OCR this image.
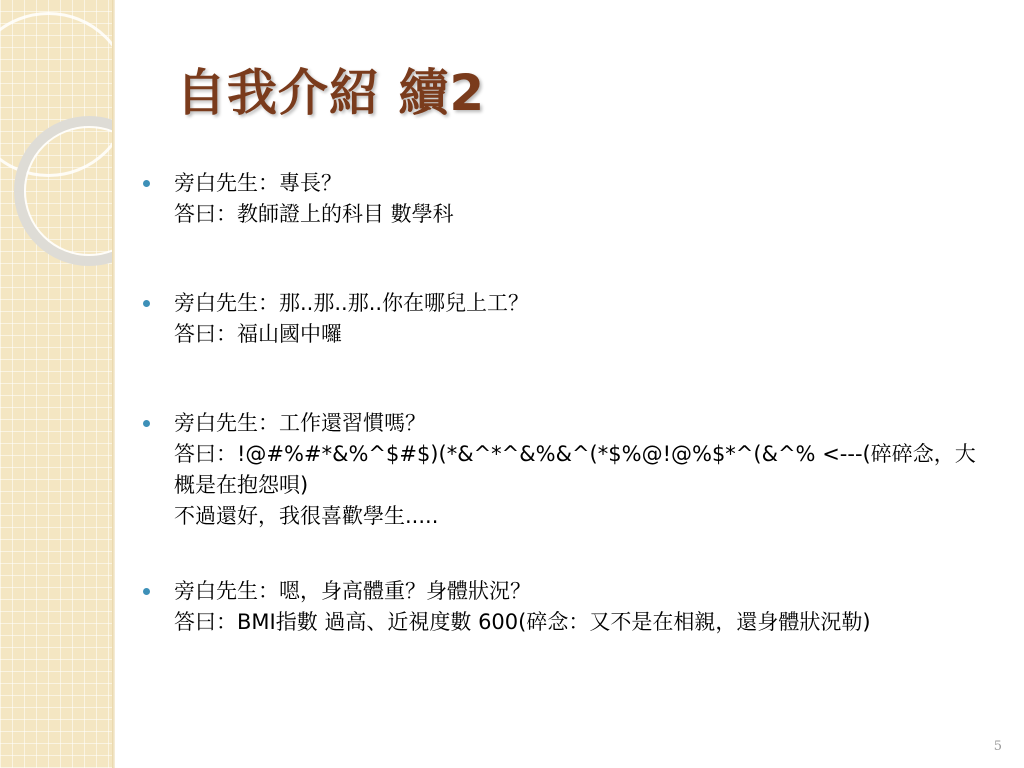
自我介紹 續2
旁白先生：專長？
答曰：教師證上的科目 數學科
旁白先生：那..那..那..你在哪兒上工？
答曰：福山國中囉
旁白先生：工作還習慣嗎？
答曰：!@#%#*&%^$#$)(*&^*^&%&^(*$%@!@%$*^(&^% <---(碎碎念，大概是在抱怨唄)
不過還好，我很喜歡學生.....
旁白先生：嗯，身高體重？身體狀況？
答曰：BMI指數 過高、近視度數 600(碎念：又不是在相親，還身體狀況勒)
5
